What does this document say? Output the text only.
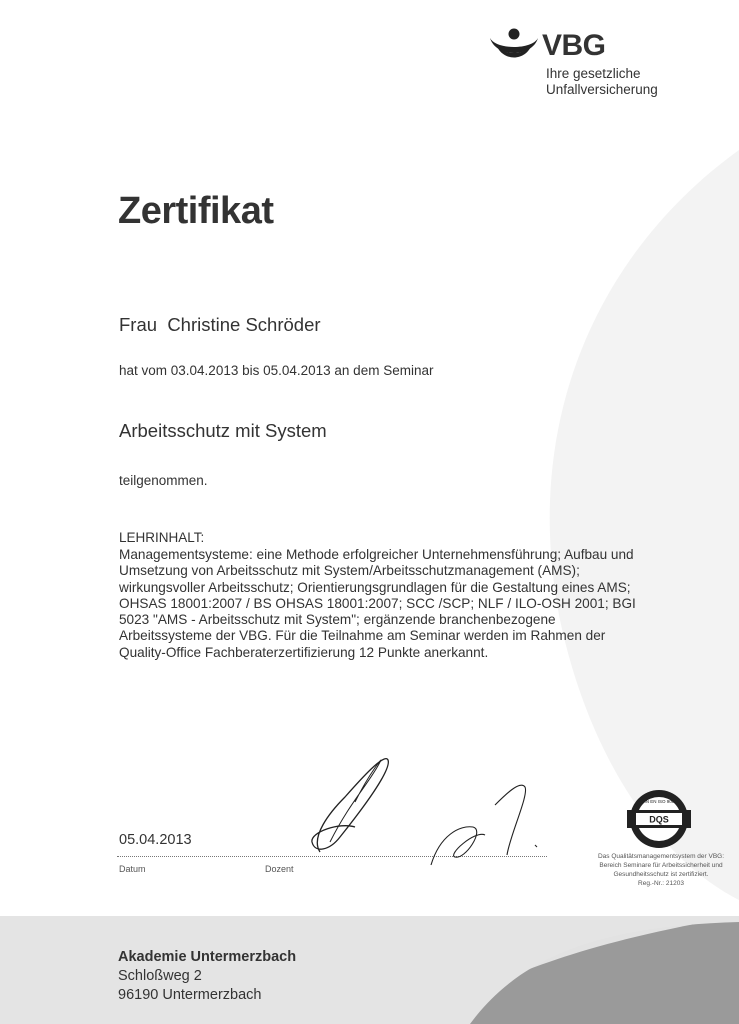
VBG
Ihre gesetzliche
Unfallversicherung
Zertifikat
Frau  Christine Schröder
hat vom 03.04.2013 bis 05.04.2013 an dem Seminar
Arbeitsschutz mit System
teilgenommen.
LEHRINHALT:
Managementsysteme: eine Methode erfolgreicher Unternehmensführung; Aufbau und Umsetzung von Arbeitsschutz mit System/Arbeitsschutzmanagement (AMS); wirkungsvoller Arbeitsschutz; Orientierungsgrundlagen für die Gestaltung eines AMS; OHSAS 18001:2007 / BS OHSAS 18001:2007; SCC /SCP; NLF / ILO-OSH 2001; BGI 5023 "AMS - Arbeitsschutz mit System"; ergänzende branchenbezogene Arbeitssysteme der VBG. Für die Teilnahme am Seminar werden im Rahmen der Quality-Office Fachberaterzertifizierung 12 Punkte anerkannt.
05.04.2013
Datum	Dozent
DQS
DIN EN ISO 9001
Das Qualitätsmanagementsystem der VBG:
Bereich Seminare für Arbeitssicherheit und
Gesundheitsschutz ist zertifiziert.
Reg.-Nr.: 21203
Akademie Untermerzbach
Schloßweg 2
96190 Untermerzbach
